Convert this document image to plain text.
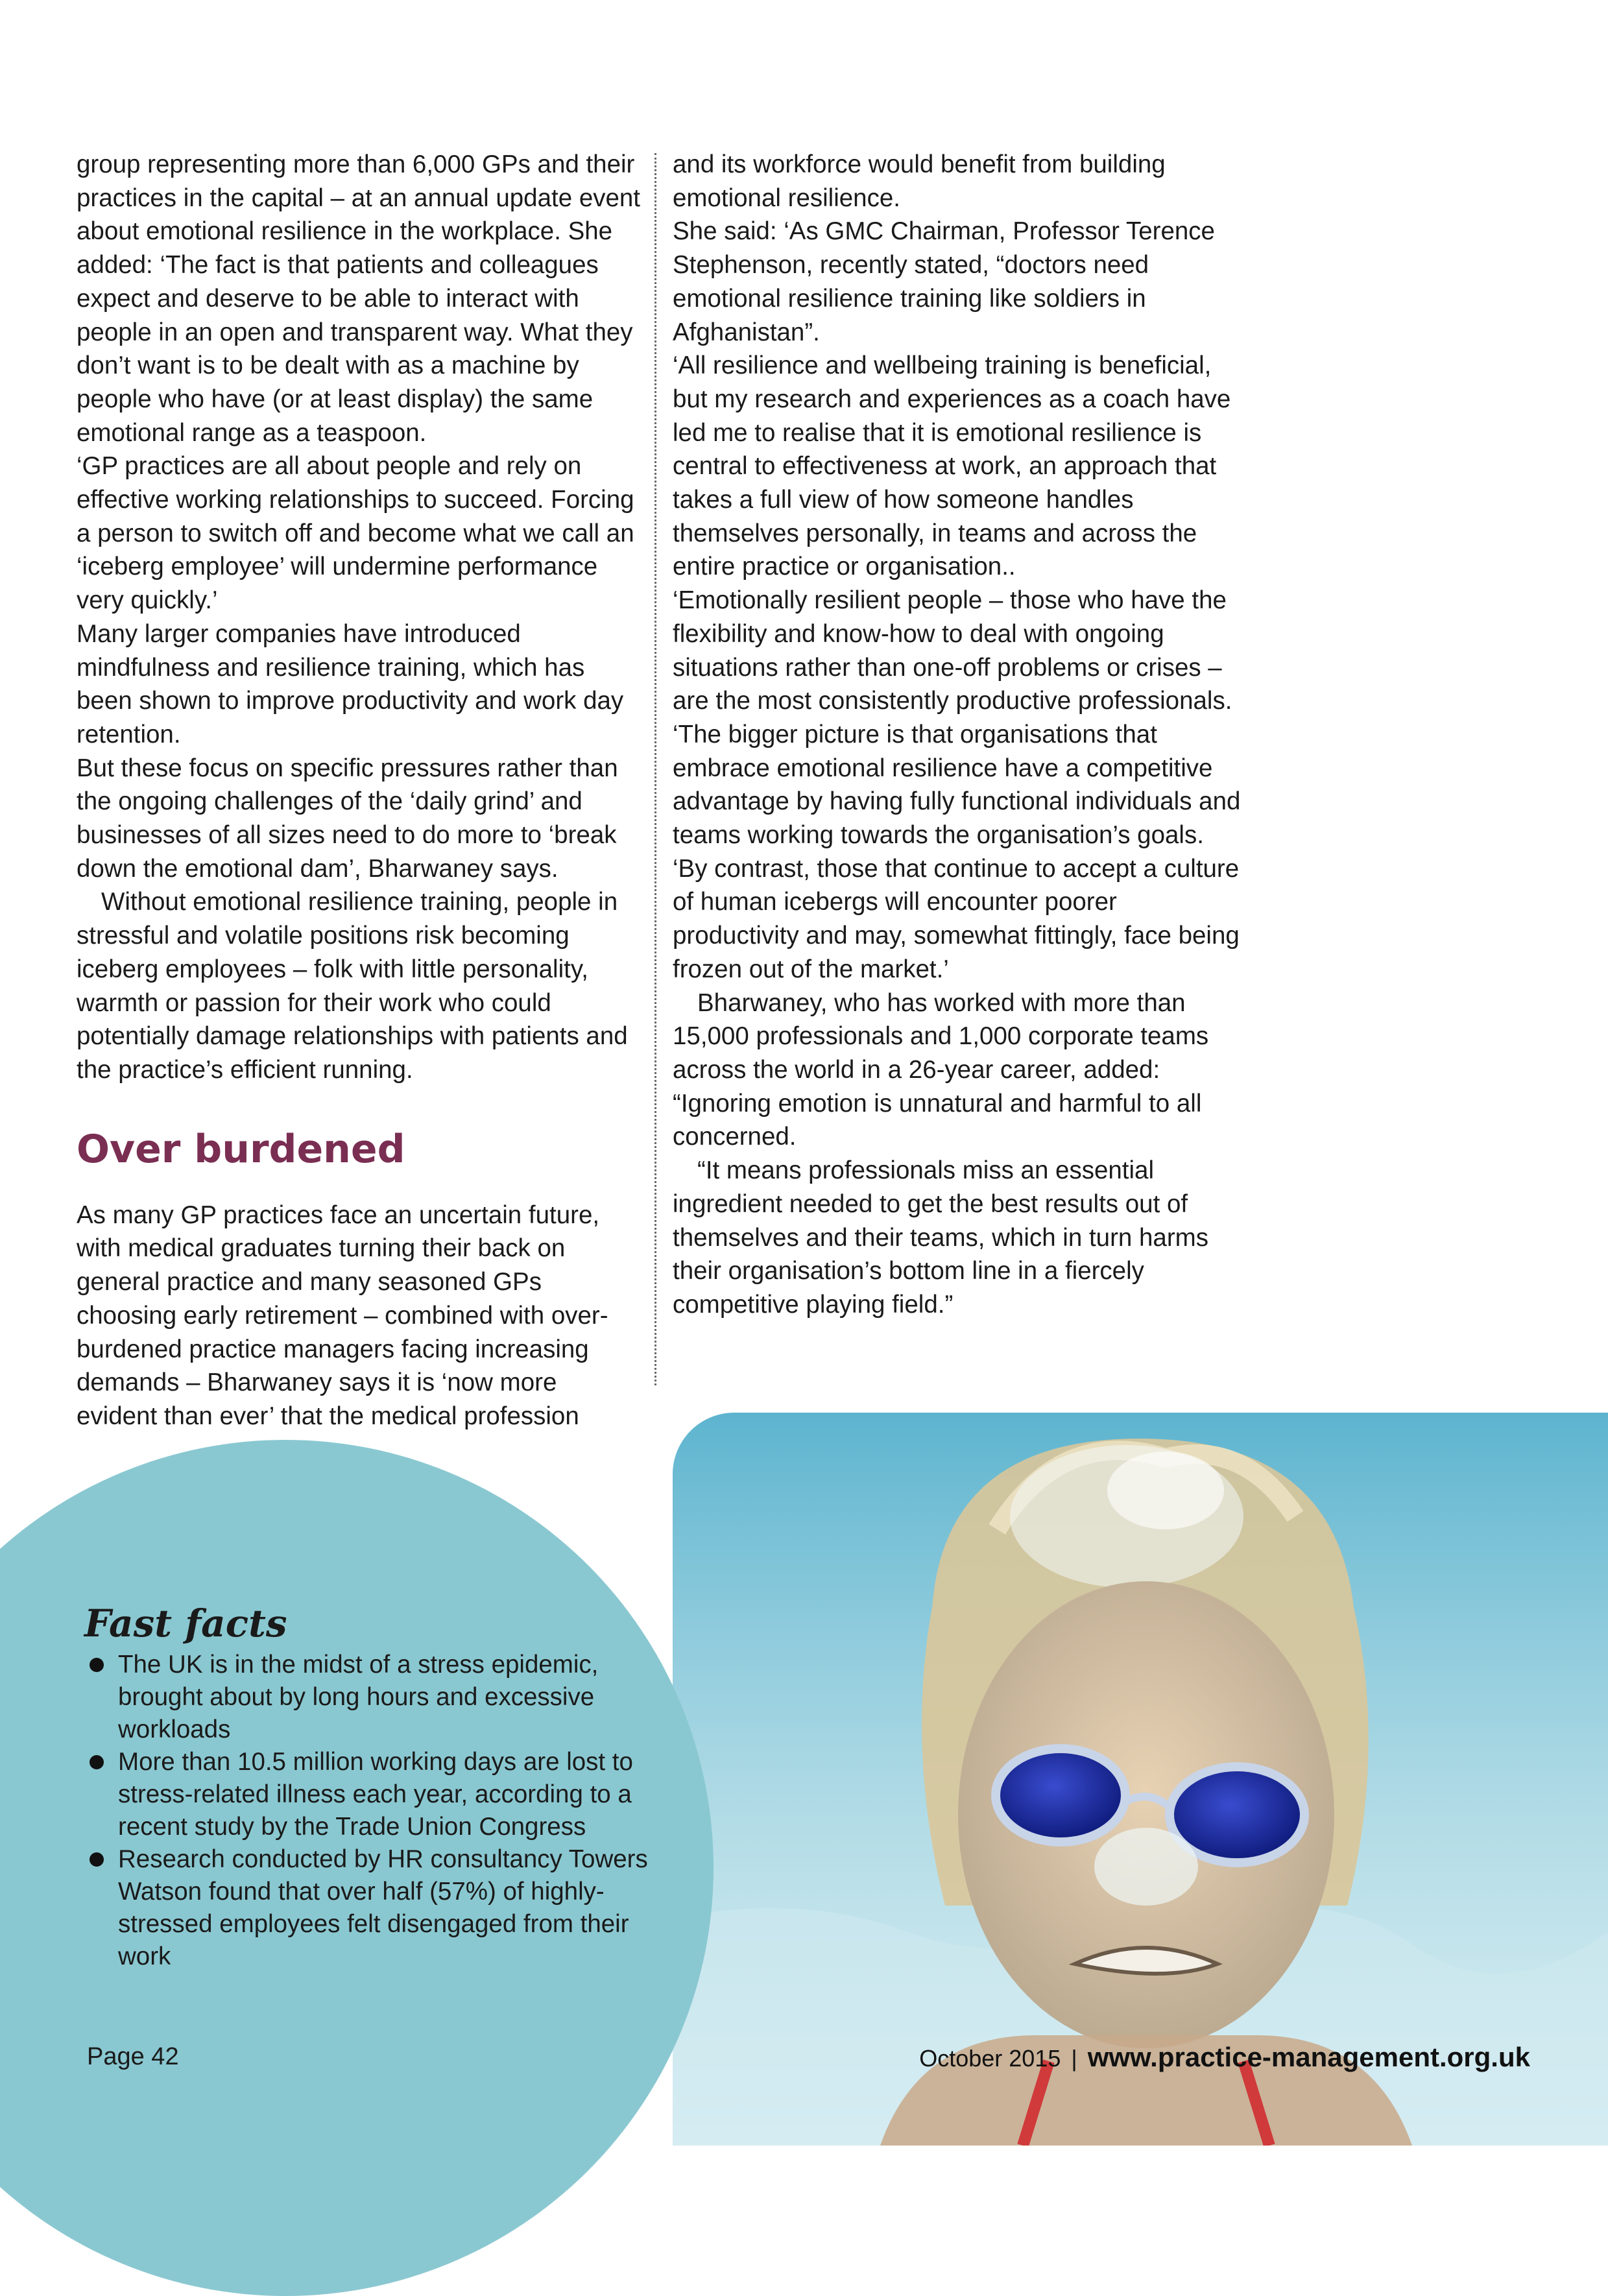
group representing more than 6,000 GPs and their practices in the capital – at an annual update event about emotional resilience in the workplace. She added: ‘The fact is that patients and colleagues expect and deserve to be able to interact with people in an open and transparent way. What they don’t want is to be dealt with as a machine by people who have (or at least display) the same emotional range as a teaspoon.

‘GP practices are all about people and rely on effective working relationships to succeed. Forcing a person to switch off and become what we call an ‘iceberg employee’ will undermine performance very quickly.’

Many larger companies have introduced mindfulness and resilience training, which has been shown to improve productivity and work day retention.

But these focus on specific pressures rather than the ongoing challenges of the ‘daily grind’ and businesses of all sizes need to do more to ‘break down the emotional dam’, Bharwaney says.

Without emotional resilience training, people in stressful and volatile positions risk becoming iceberg employees – folk with little personality, warmth or passion for their work who could potentially damage relationships with patients and the practice’s efficient running.

Over burdened

As many GP practices face an uncertain future, with medical graduates turning their back on general practice and many seasoned GPs choosing early retirement – combined with over-burdened practice managers facing increasing demands – Bharwaney says it is ‘now more evident than ever’ that the medical profession

and its workforce would benefit from building emotional resilience.

She said: ‘As GMC Chairman, Professor Terence Stephenson, recently stated, “doctors need emotional resilience training like soldiers in Afghanistan”.

‘All resilience and wellbeing training is beneficial, but my research and experiences as a coach have led me to realise that it is emotional resilience is central to effectiveness at work, an approach that takes a full view of how someone handles themselves personally, in teams and across the entire practice or organisation..

‘Emotionally resilient people – those who have the flexibility and know-how to deal with ongoing situations rather than one-off problems or crises – are the most consistently productive professionals.

‘The bigger picture is that organisations that embrace emotional resilience have a competitive advantage by having fully functional individuals and teams working towards the organisation’s goals.

‘By contrast, those that continue to accept a culture of human icebergs will encounter poorer productivity and may, somewhat fittingly, face being frozen out of the market.’

Bharwaney, who has worked with more than 15,000 professionals and 1,000 corporate teams across the world in a 26-year career, added: “Ignoring emotion is unnatural and harmful to all concerned.

“It means professionals miss an essential ingredient needed to get the best results out of themselves and their teams, which in turn harms their organisation’s bottom line in a fiercely competitive playing field.”

Fast facts
The UK is in the midst of a stress epidemic, brought about by long hours and excessive workloads
More than 10.5 million working days are lost to stress-related illness each year, according to a recent study by the Trade Union Congress
Research conducted by HR consultancy Towers Watson found that over half (57%) of highly-stressed employees felt disengaged from their work
Page 42	October 2015 | www.practice-management.org.uk
